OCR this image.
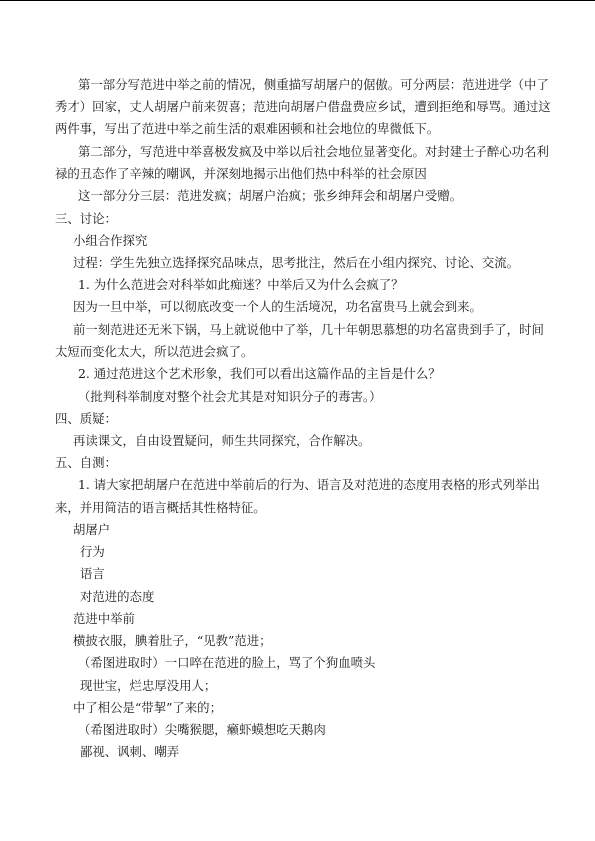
第一部分写范进中举之前的情况，侧重描写胡屠户的倨傲。可分两层：范进进学（中了
秀才）回家，丈人胡屠户前来贺喜；范进向胡屠户借盘费应乡试，遭到拒绝和辱骂。通过这
两件事，写出了范进中举之前生活的艰难困顿和社会地位的卑微低下。
第二部分，写范进中举喜极发疯及中举以后社会地位显著变化。对封建士子醉心功名利
禄的丑态作了辛辣的嘲讽，并深刻地揭示出他们热中科举的社会原因
这一部分分三层：范进发疯；胡屠户治疯；张乡绅拜会和胡屠户受赠。
三、讨论：
小组合作探究
过程：学生先独立选择探究品味点，思考批注，然后在小组内探究、讨论、交流。
1. 为什么范进会对科举如此痴迷？中举后又为什么会疯了？
因为一旦中举，可以彻底改变一个人的生活境况，功名富贵马上就会到来。
前一刻范进还无米下锅，马上就说他中了举，几十年朝思慕想的功名富贵到手了，时间
太短而变化太大，所以范进会疯了。
2. 通过范进这个艺术形象，我们可以看出这篇作品的主旨是什么？
（批判科举制度对整个社会尤其是对知识分子的毒害。）
四、质疑：
再读课文，自由设置疑问，师生共同探究，合作解决。
五、自测：
1. 请大家把胡屠户在范进中举前后的行为、语言及对范进的态度用表格的形式列举出
来，并用简洁的语言概括其性格特征。
胡屠户
行为
语言
对范进的态度
范进中举前
横披衣服，腆着肚子，“见教”范进；
（希图进取时）一口啐在范进的脸上，骂了个狗血喷头
现世宝，烂忠厚没用人；
中了相公是“带挈”了来的；
（希图进取时）尖嘴猴腮，癞虾蟆想吃天鹅肉
鄙视、讽刺、嘲弄
